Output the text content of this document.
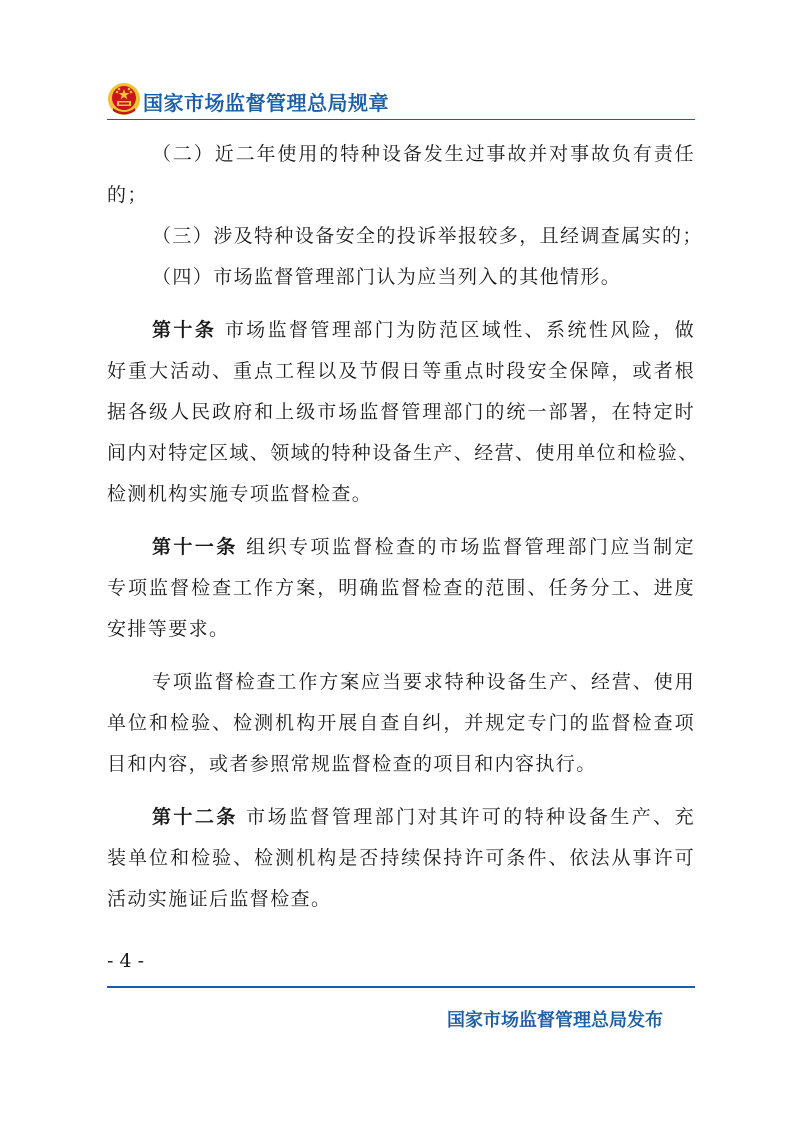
国家市场监督管理总局规章
（二）近二年使用的特种设备发生过事故并对事故负有责任
的；
（三）涉及特种设备安全的投诉举报较多，且经调查属实的；
（四）市场监督管理部门认为应当列入的其他情形。
第十条 市场监督管理部门为防范区域性、系统性风险，做
好重大活动、重点工程以及节假日等重点时段安全保障，或者根
据各级人民政府和上级市场监督管理部门的统一部署，在特定时
间内对特定区域、领域的特种设备生产、经营、使用单位和检验、
检测机构实施专项监督检查。
第十一条 组织专项监督检查的市场监督管理部门应当制定
专项监督检查工作方案，明确监督检查的范围、任务分工、进度
安排等要求。
专项监督检查工作方案应当要求特种设备生产、经营、使用
单位和检验、检测机构开展自查自纠，并规定专门的监督检查项
目和内容，或者参照常规监督检查的项目和内容执行。
第十二条 市场监督管理部门对其许可的特种设备生产、充
装单位和检验、检测机构是否持续保持许可条件、依法从事许可
活动实施证后监督检查。
- 4 -
国家市场监督管理总局发布
